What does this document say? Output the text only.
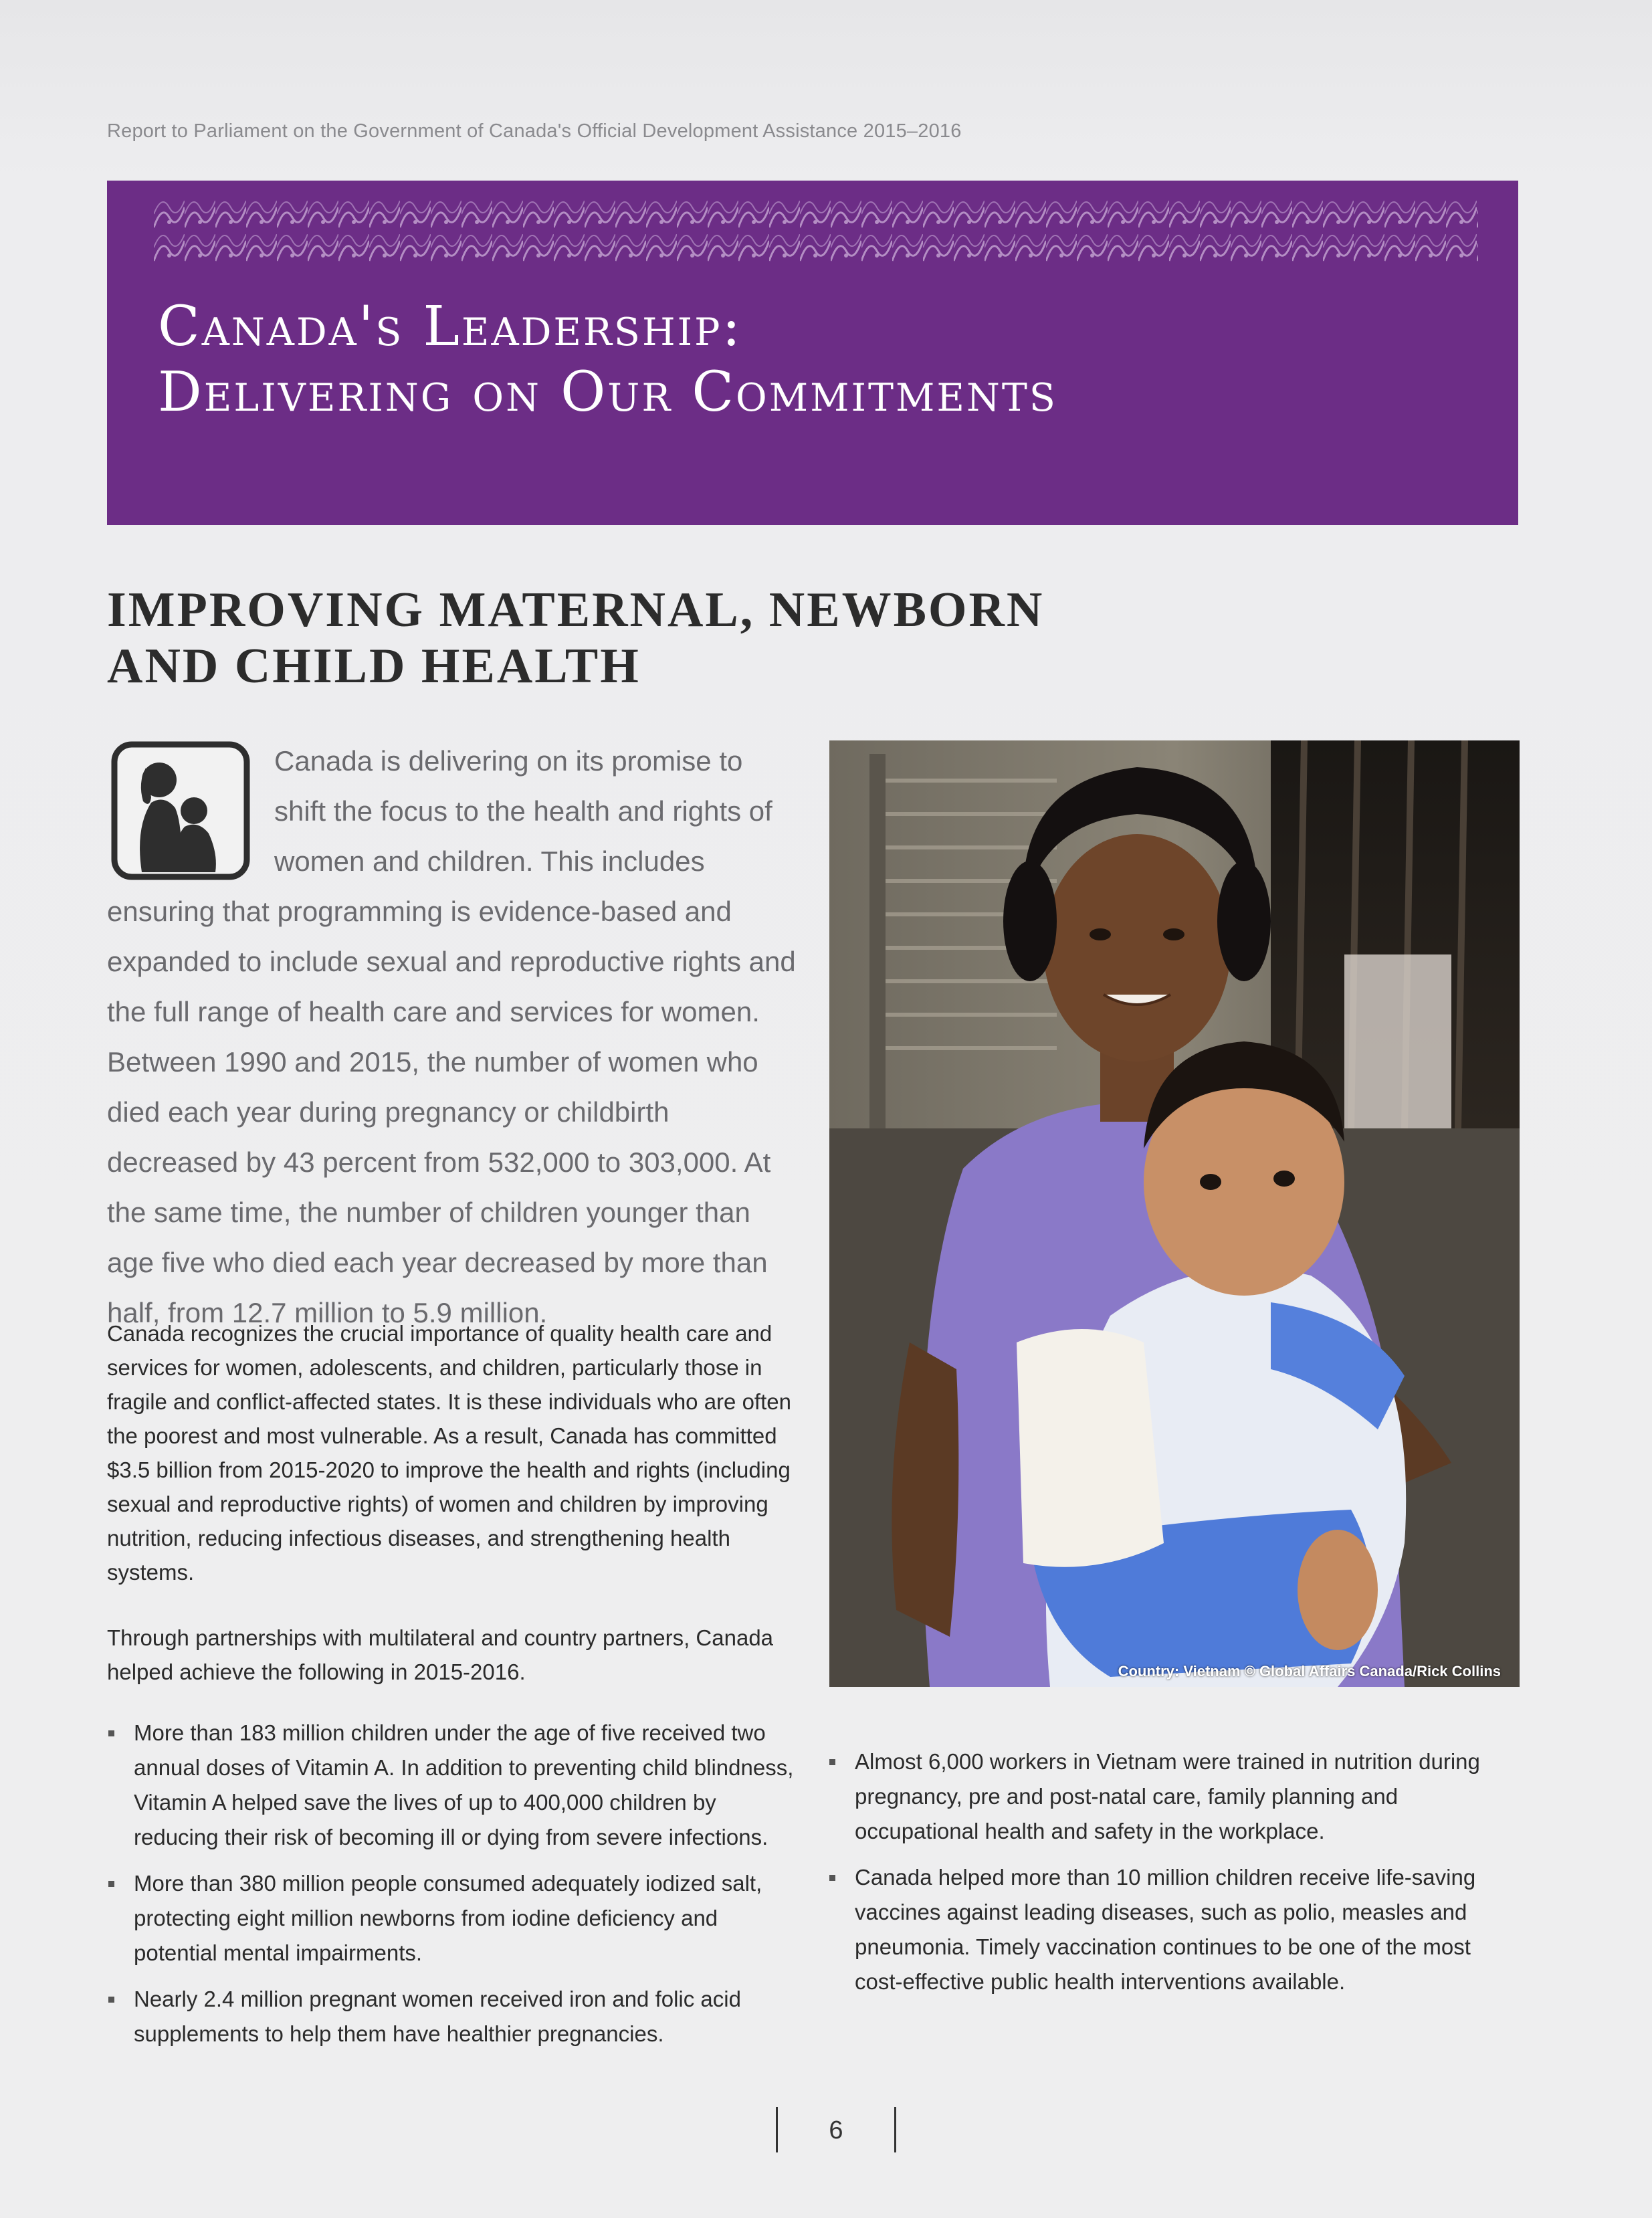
Report to Parliament on the Government of Canada's Official Development Assistance 2015–2016
Canada's Leadership:
Delivering on Our Commitments
IMPROVING MATERNAL, NEWBORN
AND CHILD HEALTH

Canada is delivering on its promise to shift the focus to the health and rights of women and children. This includes ensuring that programming is evidence-based and expanded to include sexual and reproductive rights and the full range of health care and services for women. Between 1990 and 2015, the number of women who died each year during pregnancy or childbirth decreased by 43 percent from 532,000 to 303,000. At the same time, the number of children younger than age five who died each year decreased by more than half, from 12.7 million to 5.9 million.

Canada recognizes the crucial importance of quality health care and services for women, adolescents, and children, particularly those in fragile and conflict-affected states. It is these individuals who are often the poorest and most vulnerable. As a result, Canada has committed $3.5 billion from 2015-2020 to improve the health and rights (including sexual and reproductive rights) of women and children by improving nutrition, reducing infectious diseases, and strengthening health systems.

Through partnerships with multilateral and country partners, Canada helped achieve the following in 2015-2016.

More than 183 million children under the age of five received two annual doses of Vitamin A. In addition to preventing child blindness, Vitamin A helped save the lives of up to 400,000 children by reducing their risk of becoming ill or dying from severe infections.
More than 380 million people consumed adequately iodized salt, protecting eight million newborns from iodine deficiency and potential mental impairments.
Nearly 2.4 million pregnant women received iron and folic acid supplements to help them have healthier pregnancies.
Country: Vietnam © Global Affairs Canada/Rick Collins
Almost 6,000 workers in Vietnam were trained in nutrition during pregnancy, pre and post-natal care, family planning and occupational health and safety in the workplace.
Canada helped more than 10 million children receive life-saving vaccines against leading diseases, such as polio, measles and pneumonia. Timely vaccination continues to be one of the most cost-effective public health interventions available.
6
